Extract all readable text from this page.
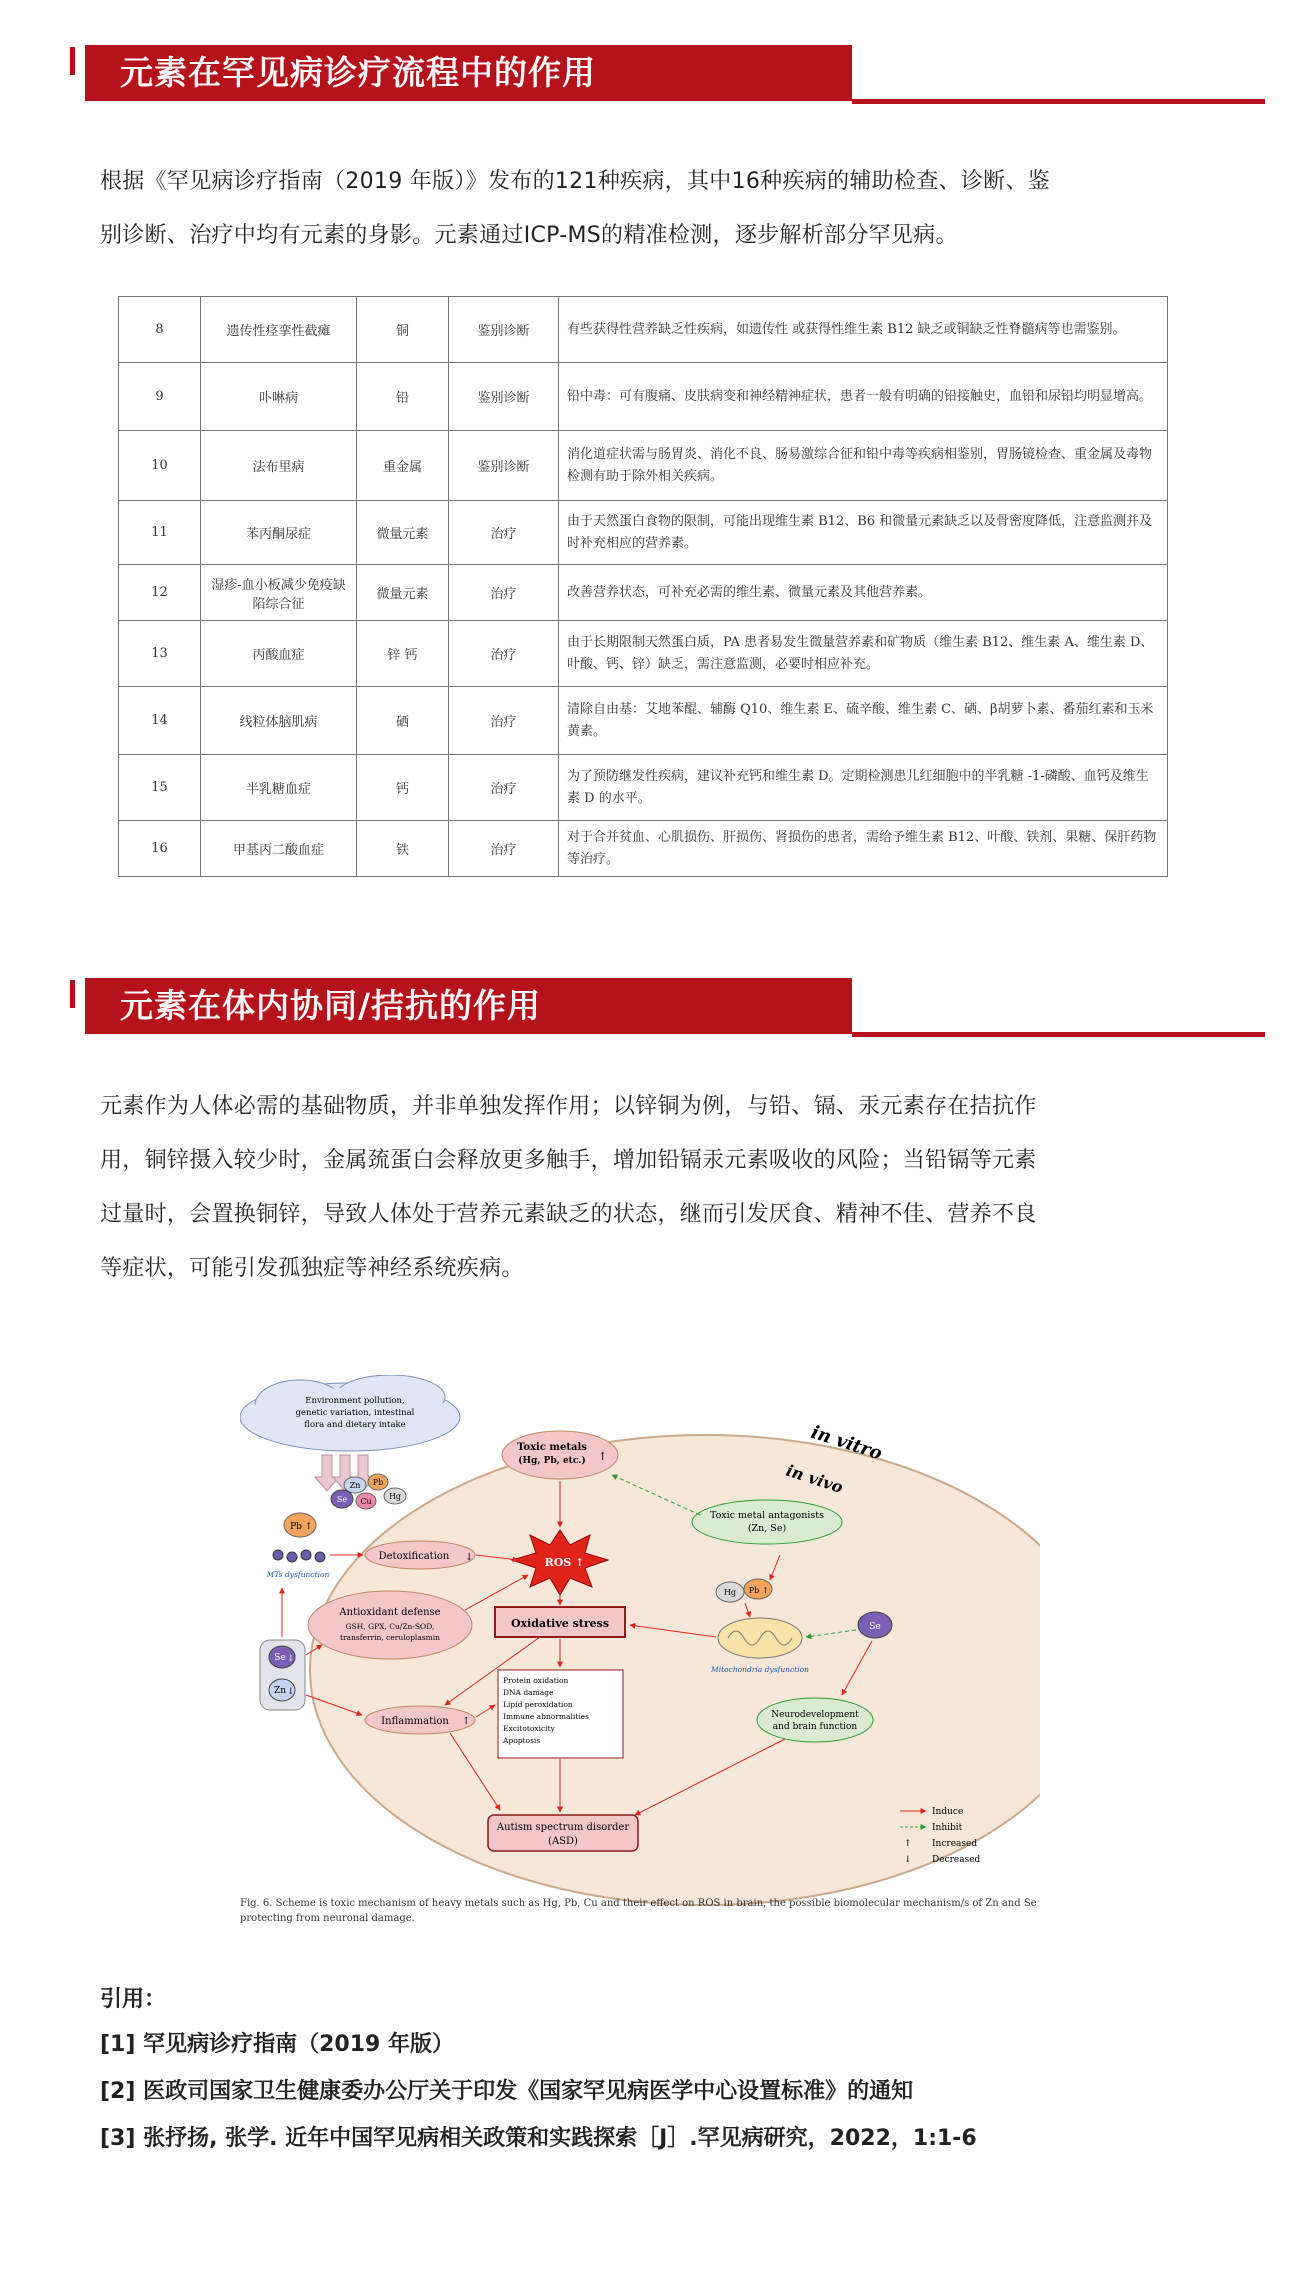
元素在罕见病诊疗流程中的作用
根据《罕见病诊疗指南（2019 年版）》发布的121种疾病，其中16种疾病的辅助检查、诊断、鉴
别诊断、治疗中均有元素的身影。元素通过ICP-MS的精准检测，逐步解析部分罕见病。
8	遗传性痉挛性截瘫	铜	鉴别诊断	有些获得性营养缺乏性疾病，如遗传性 或获得性维生素 B12 缺乏或铜缺乏性脊髓病等也需鉴别。
9	卟啉病	铅	鉴别诊断	铅中毒：可有腹痛、皮肤病变和神经精神症状，患者一般有明确的铅接触史，血铅和尿铅均明显增高。
10	法布里病	重金属	鉴别诊断	消化道症状需与肠胃炎、消化不良、肠易激综合征和铅中毒等疾病相鉴别，胃肠镜检查、重金属及毒物检测有助于除外相关疾病。
11	苯丙酮尿症	微量元素	治疗	由于天然蛋白食物的限制，可能出现维生素 B12、B6 和微量元素缺乏以及骨密度降低，注意监测并及时补充相应的营养素。
12	湿疹-血小板减少免疫缺陷综合征	微量元素	治疗	改善营养状态，可补充必需的维生素、微量元素及其他营养素。
13	丙酸血症	锌 钙	治疗	由于长期限制天然蛋白质，PA 患者易发生微量营养素和矿物质（维生素 B12、维生素 A、维生素 D、叶酸、钙、锌）缺乏，需注意监测，必要时相应补充。
14	线粒体脑肌病	硒	治疗	清除自由基：艾地苯醌、辅酶 Q10、维生素 E、硫辛酸、维生素 C、硒、β胡萝卜素、番茄红素和玉米黄素。
15	半乳糖血症	钙	治疗	为了预防继发性疾病，建议补充钙和维生素 D。定期检测患儿红细胞中的半乳糖 -1-磷酸、血钙及维生素 D 的水平。
16	甲基丙二酸血症	铁	治疗	对于合并贫血、心肌损伤、肝损伤、肾损伤的患者，需给予维生素 B12、叶酸、铁剂、果糖、保肝药物等治疗。
元素在体内协同/拮抗的作用
元素作为人体必需的基础物质，并非单独发挥作用；以锌铜为例，与铅、镉、汞元素存在拮抗作
用，铜锌摄入较少时，金属巯蛋白会释放更多触手，增加铅镉汞元素吸收的风险；当铅镉等元素
过量时，会置换铜锌，导致人体处于营养元素缺乏的状态，继而引发厌食、精神不佳、营养不良
等症状，可能引发孤独症等神经系统疾病。
Environment pollution,
genetic variation, intestinal
flora and dietary intake	in vitro
in vivo
Zn Pb
Se Cu
Hg
Toxic metals
(Hg, Pb, etc.) ↑
Toxic metal antagonists
(Zn, Se)
ROS ↑
Pb ↑
MTs dysfunction
Detoxification ↓
Antioxidant defense
GSH, GPX, Cu/Zn-SOD,
transferrin, ceruloplasmin
Se ↓
Zn ↓
Oxidative stress
Protein oxidation
DNA damage
Lipid peroxidation
Immune abnormalities
Excitotoxicity
Apoptosis
Hg Pb ↑
Mitochondria dysfunction
Se
Neurodevelopment
and brain function
Inflammation ↑
Autism spectrum disorder
(ASD)
Induce
Inhibit
↑ Increased
↓ Decreased
Fig. 6. Scheme is toxic mechanism of heavy metals such as Hg, Pb, Cu and their effect on ROS in brain, the possible biomolecular mechanism/s of Zn and Se
protecting from neuronal damage.
引用：
[1] 罕见病诊疗指南（2019 年版）
[2] 医政司国家卫生健康委办公厅关于印发《国家罕见病医学中心设置标准》的通知
[3] 张抒扬, 张学. 近年中国罕见病相关政策和实践探索［J］.罕见病研究，2022，1:1-6
